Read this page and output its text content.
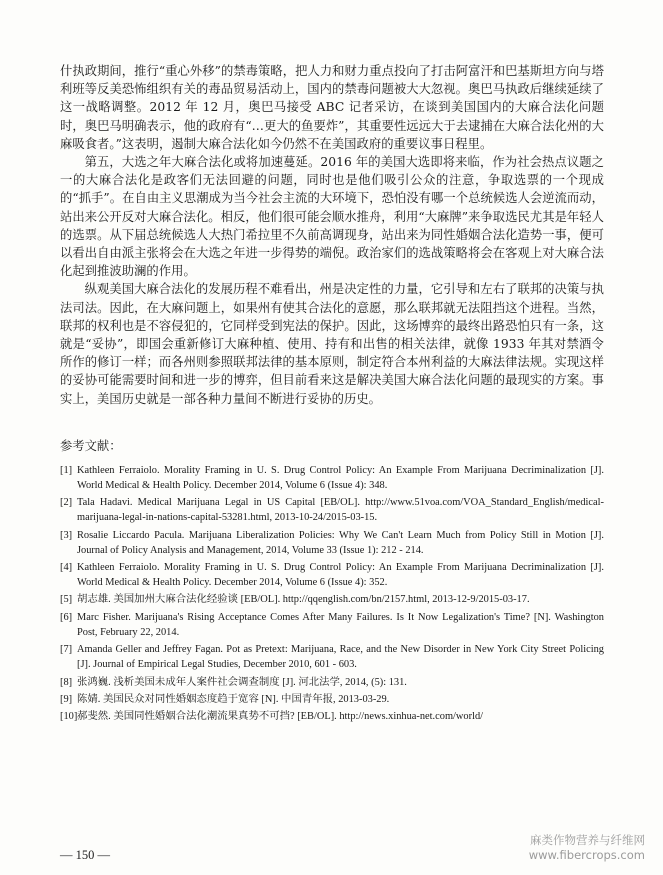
什执政期间，推行“重心外移”的禁毒策略，把人力和财力重点投向了打击阿富汗和巴基斯坦方向与塔利班等反美恐怖组织有关的毒品贸易活动上，国内的禁毒问题被大大忽视。奥巴马执政后继续延续了这一战略调整。2012 年 12 月，奥巴马接受 ABC 记者采访，在谈到美国国内的大麻合法化问题时，奥巴马明确表示，他的政府有“…更大的鱼要炸”，其重要性远远大于去逮捕在大麻合法化州的大麻吸食者。”这表明，遏制大麻合法化如今仍然不在美国政府的重要议事日程里。

第五，大选之年大麻合法化或将加速蔓延。2016 年的美国大选即将来临，作为社会热点议题之一的大麻合法化是政客们无法回避的问题，同时也是他们吸引公众的注意，争取选票的一个现成的“抓手”。在自由主义思潮成为当今社会主流的大环境下，恐怕没有哪一个总统候选人会逆流而动，站出来公开反对大麻合法化。相反，他们很可能会顺水推舟，利用“大麻牌”来争取选民尤其是年轻人的选票。从下届总统候选人大热门希拉里不久前高调现身，站出来为同性婚姻合法化造势一事，便可以看出自由派主张将会在大选之年进一步得势的端倪。政治家们的选战策略将会在客观上对大麻合法化起到推波助澜的作用。

纵观美国大麻合法化的发展历程不难看出，州是决定性的力量，它引导和左右了联邦的决策与执法司法。因此，在大麻问题上，如果州有使其合法化的意愿，那么联邦就无法阻挡这个进程。当然，联邦的权利也是不容侵犯的，它同样受到宪法的保护。因此，这场博弈的最终出路恐怕只有一条，这就是“妥协”，即国会重新修订大麻种植、使用、持有和出售的相关法律，就像 1933 年其对禁酒令所作的修订一样；而各州则参照联邦法律的基本原则，制定符合本州利益的大麻法律法规。实现这样的妥协可能需要时间和进一步的博弈，但目前看来这是解决美国大麻合法化问题的最现实的方案。事实上，美国历史就是一部各种力量间不断进行妥协的历史。

参考文献：
[1] Kathleen Ferraiolo. Morality Framing in U. S. Drug Control Policy: An Example From Marijuana Decriminalization [J]. World Medical & Health Policy. December 2014, Volume 6 (Issue 4): 348.
[2] Tala Hadavi. Medical Marijuana Legal in US Capital [EB/OL]. http://www.51voa.com/VOA_Standard_English/medical-marijuana-legal-in-nations-capital-53281.html, 2013-10-24/2015-03-15.
[3] Rosalie Liccardo Pacula. Marijuana Liberalization Policies: Why We Can't Learn Much from Policy Still in Motion [J]. Journal of Policy Analysis and Management, 2014, Volume 33 (Issue 1): 212 - 214.
[4] Kathleen Ferraiolo. Morality Framing in U. S. Drug Control Policy: An Example From Marijuana Decriminalization [J]. World Medical & Health Policy. December 2014, Volume 6 (Issue 4): 352.
[5] 胡志雄. 美国加州大麻合法化经验谈 [EB/OL]. http://qqenglish.com/bn/2157.html, 2013-12-9/2015-03-17.
[6] Marc Fisher. Marijuana's Rising Acceptance Comes After Many Failures. Is It Now Legalization's Time? [N]. Washington Post, February 22, 2014.
[7] Amanda Geller and Jeffrey Fagan. Pot as Pretext: Marijuana, Race, and the New Disorder in New York City Street Policing [J]. Journal of Empirical Legal Studies, December 2010, 601 - 603.
[8] 张鸿巍. 浅析美国未成年人案件社会调查制度 [J]. 河北法学, 2014, (5): 131.
[9] 陈婧. 美国民众对同性婚姻态度趋于宽容 [N]. 中国青年报, 2013-03-29.
[10] 郝斐然. 美国同性婚姻合法化潮流果真势不可挡? [EB/OL]. http://news.xinhua-net.com/world/
— 150 —
麻类作物营养与纤维网
www.fibercrops.com
